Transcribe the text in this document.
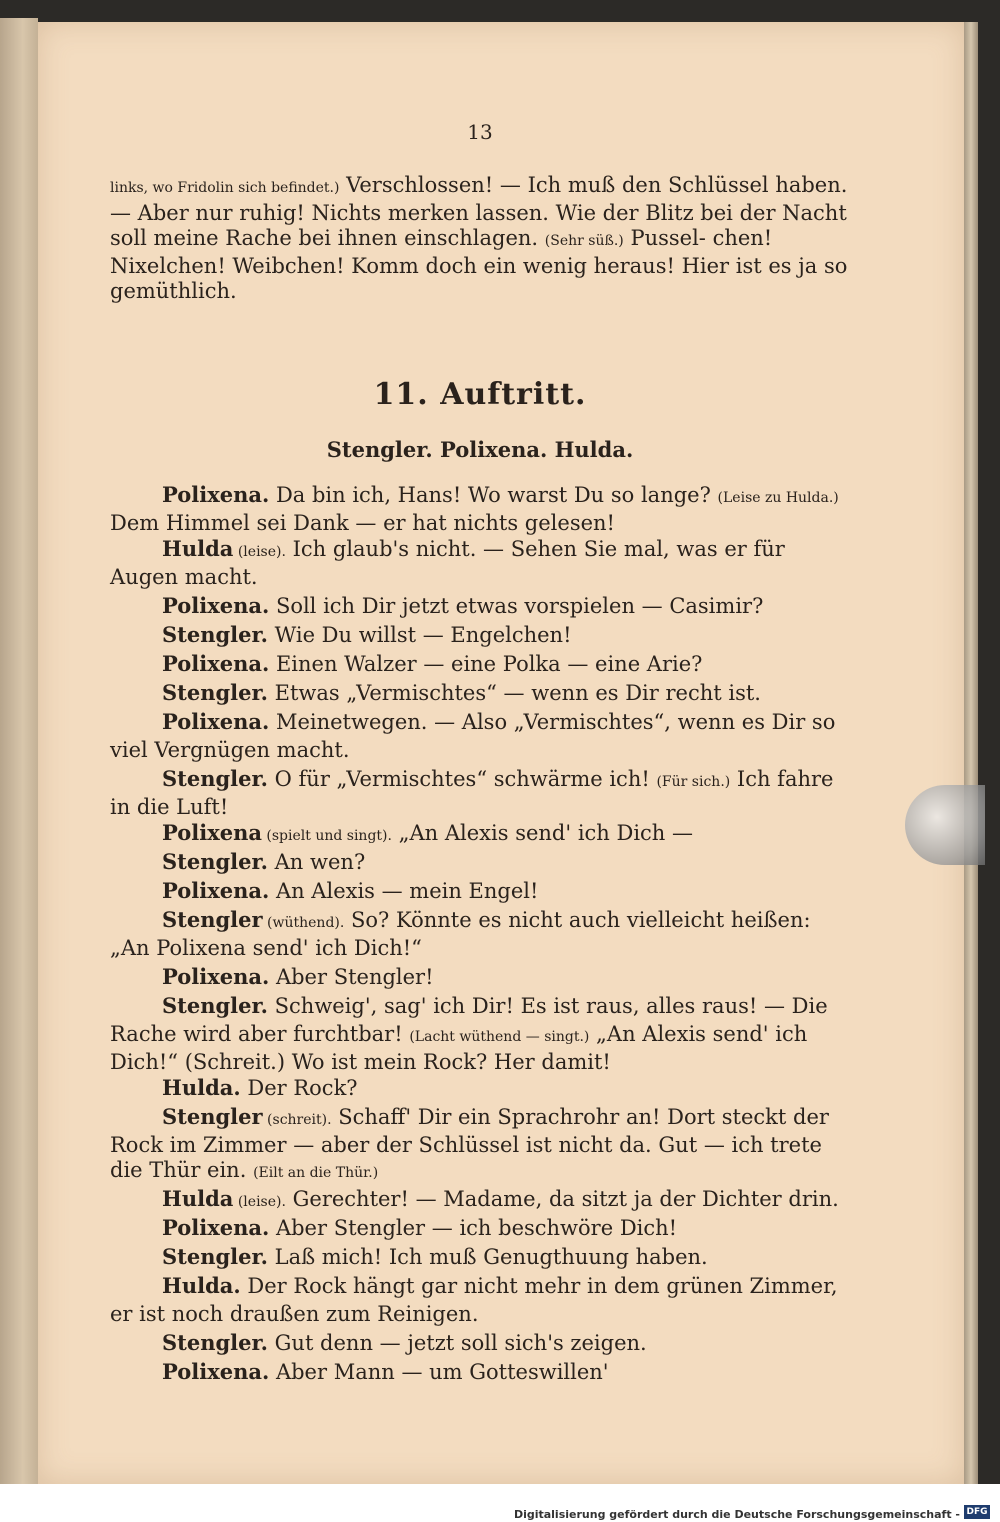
13

links, wo Fridolin sich befindet.) Verschlossen! — Ich muß den Schlüssel haben. — Aber nur ruhig! Nichts merken lassen. Wie der Blitz bei der Nacht soll meine Rache bei ihnen einschlagen. (Sehr süß.) Pussel- chen! Nixelchen! Weibchen! Komm doch ein wenig heraus! Hier ist es ja so gemüthlich.

11. Auftritt.
Stengler. Polixena. Hulda.

Polixena. Da bin ich, Hans! Wo warst Du so lange? (Leise zu Hulda.) Dem Himmel sei Dank — er hat nichts gelesen!

Hulda (leise). Ich glaub's nicht. — Sehen Sie mal, was er für Augen macht.

Polixena. Soll ich Dir jetzt etwas vorspielen — Casimir?

Stengler. Wie Du willst — Engelchen!

Polixena. Einen Walzer — eine Polka — eine Arie?

Stengler. Etwas „Vermischtes“ — wenn es Dir recht ist.

Polixena. Meinetwegen. — Also „Vermischtes“, wenn es Dir so viel Vergnügen macht.

Stengler. O für „Vermischtes“ schwärme ich! (Für sich.) Ich fahre in die Luft!

Polixena (spielt und singt). „An Alexis send' ich Dich —

Stengler. An wen?

Polixena. An Alexis — mein Engel!

Stengler (wüthend). So? Könnte es nicht auch vielleicht heißen: „An Polixena send' ich Dich!“

Polixena. Aber Stengler!

Stengler. Schweig', sag' ich Dir! Es ist raus, alles raus! — Die Rache wird aber furchtbar! (Lacht wüthend — singt.) „An Alexis send' ich Dich!“ (Schreit.) Wo ist mein Rock? Her damit!

Hulda. Der Rock?

Stengler (schreit). Schaff' Dir ein Sprachrohr an! Dort steckt der Rock im Zimmer — aber der Schlüssel ist nicht da. Gut — ich trete die Thür ein. (Eilt an die Thür.)

Hulda (leise). Gerechter! — Madame, da sitzt ja der Dichter drin.

Polixena. Aber Stengler — ich beschwöre Dich!

Stengler. Laß mich! Ich muß Genugthuung haben.

Hulda. Der Rock hängt gar nicht mehr in dem grünen Zimmer, er ist noch draußen zum Reinigen.

Stengler. Gut denn — jetzt soll sich's zeigen.

Polixena. Aber Mann — um Gotteswillen'

Digitalisierung gefördert durch die Deutsche Forschungsgemeinschaft - DFG
